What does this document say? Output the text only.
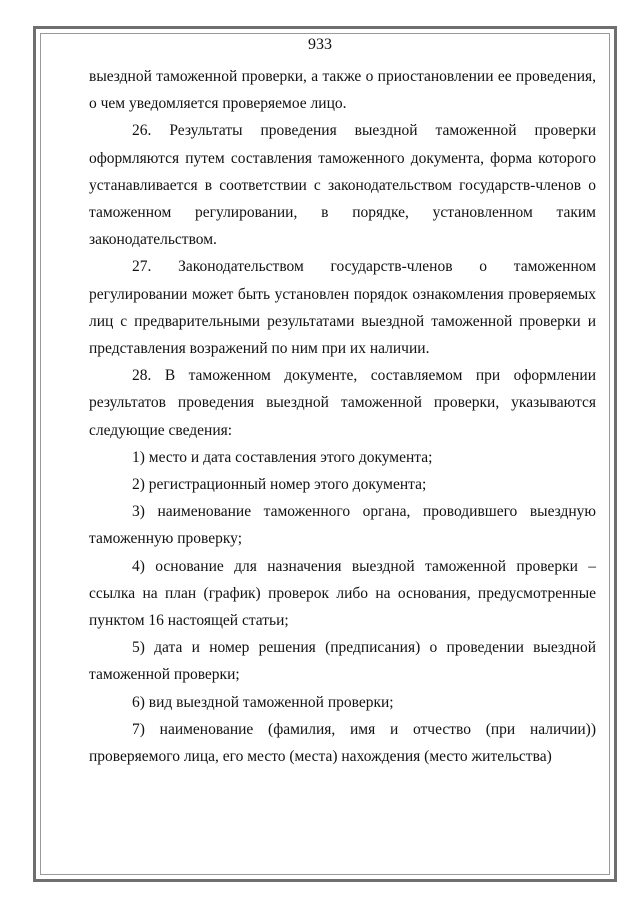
933

выездной таможенной проверки, а также о приостановлении ее проведения, о чем уведомляется проверяемое лицо.

26. Результаты проведения выездной таможенной проверки оформляются путем составления таможенного документа, форма которого устанавливается в соответствии с законодательством государств-членов о таможенном регулировании, в порядке, установленном таким законодательством.

27. Законодательством государств-членов о таможенном регулировании может быть установлен порядок ознакомления проверяемых лиц с предварительными результатами выездной таможенной проверки и представления возражений по ним при их наличии.

28. В таможенном документе, составляемом при оформлении результатов проведения выездной таможенной проверки, указываются следующие сведения:

1) место и дата составления этого документа;

2) регистрационный номер этого документа;

3) наименование таможенного органа, проводившего выездную таможенную проверку;

4) основание для назначения выездной таможенной проверки – ссылка на план (график) проверок либо на основания, предусмотренные пунктом 16 настоящей статьи;

5) дата и номер решения (предписания) о проведении выездной таможенной проверки;

6) вид выездной таможенной проверки;

7) наименование (фамилия, имя и отчество (при наличии)) проверяемого лица, его место (места) нахождения (место жительства)
